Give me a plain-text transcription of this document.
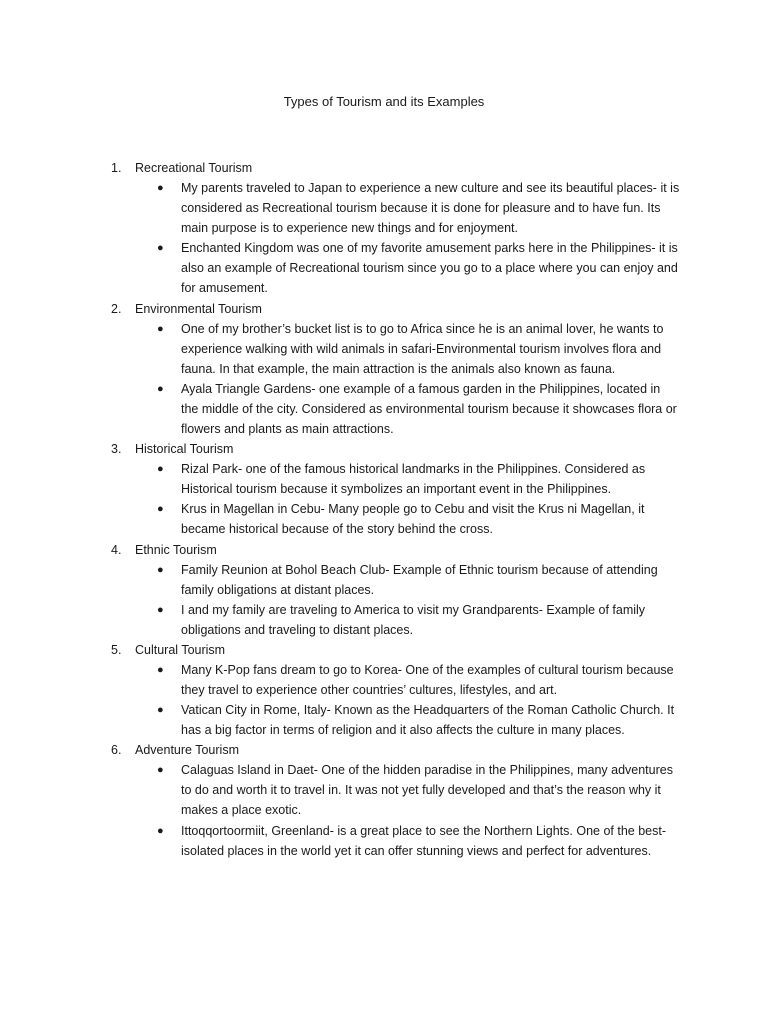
Types of Tourism and its Examples
1. Recreational Tourism
● My parents traveled to Japan to experience a new culture and see its beautiful places- it is considered as Recreational tourism because it is done for pleasure and to have fun. Its main purpose is to experience new things and for enjoyment.
● Enchanted Kingdom was one of my favorite amusement parks here in the Philippines- it is also an example of Recreational tourism since you go to a place where you can enjoy and for amusement.
2. Environmental Tourism
● One of my brother’s bucket list is to go to Africa since he is an animal lover, he wants to experience walking with wild animals in safari-Environmental tourism involves flora and fauna. In that example, the main attraction is the animals also known as fauna.
● Ayala Triangle Gardens- one example of a famous garden in the Philippines, located in the middle of the city. Considered as environmental tourism because it showcases flora or flowers and plants as main attractions.
3. Historical Tourism
● Rizal Park- one of the famous historical landmarks in the Philippines. Considered as Historical tourism because it symbolizes an important event in the Philippines.
● Krus in Magellan in Cebu- Many people go to Cebu and visit the Krus ni Magellan, it became historical because of the story behind the cross.
4. Ethnic Tourism
● Family Reunion at Bohol Beach Club- Example of Ethnic tourism because of attending family obligations at distant places.
● I and my family are traveling to America to visit my Grandparents- Example of family obligations and traveling to distant places.
5. Cultural Tourism
● Many K-Pop fans dream to go to Korea- One of the examples of cultural tourism because they travel to experience other countries’ cultures, lifestyles, and art.
● Vatican City in Rome, Italy- Known as the Headquarters of the Roman Catholic Church. It has a big factor in terms of religion and it also affects the culture in many places.
6. Adventure Tourism
● Calaguas Island in Daet- One of the hidden paradise in the Philippines, many adventures to do and worth it to travel in. It was not yet fully developed and that’s the reason why it makes a place exotic.
● Ittoqqortoormiit, Greenland- is a great place to see the Northern Lights. One of the best-isolated places in the world yet it can offer stunning views and perfect for adventures.
